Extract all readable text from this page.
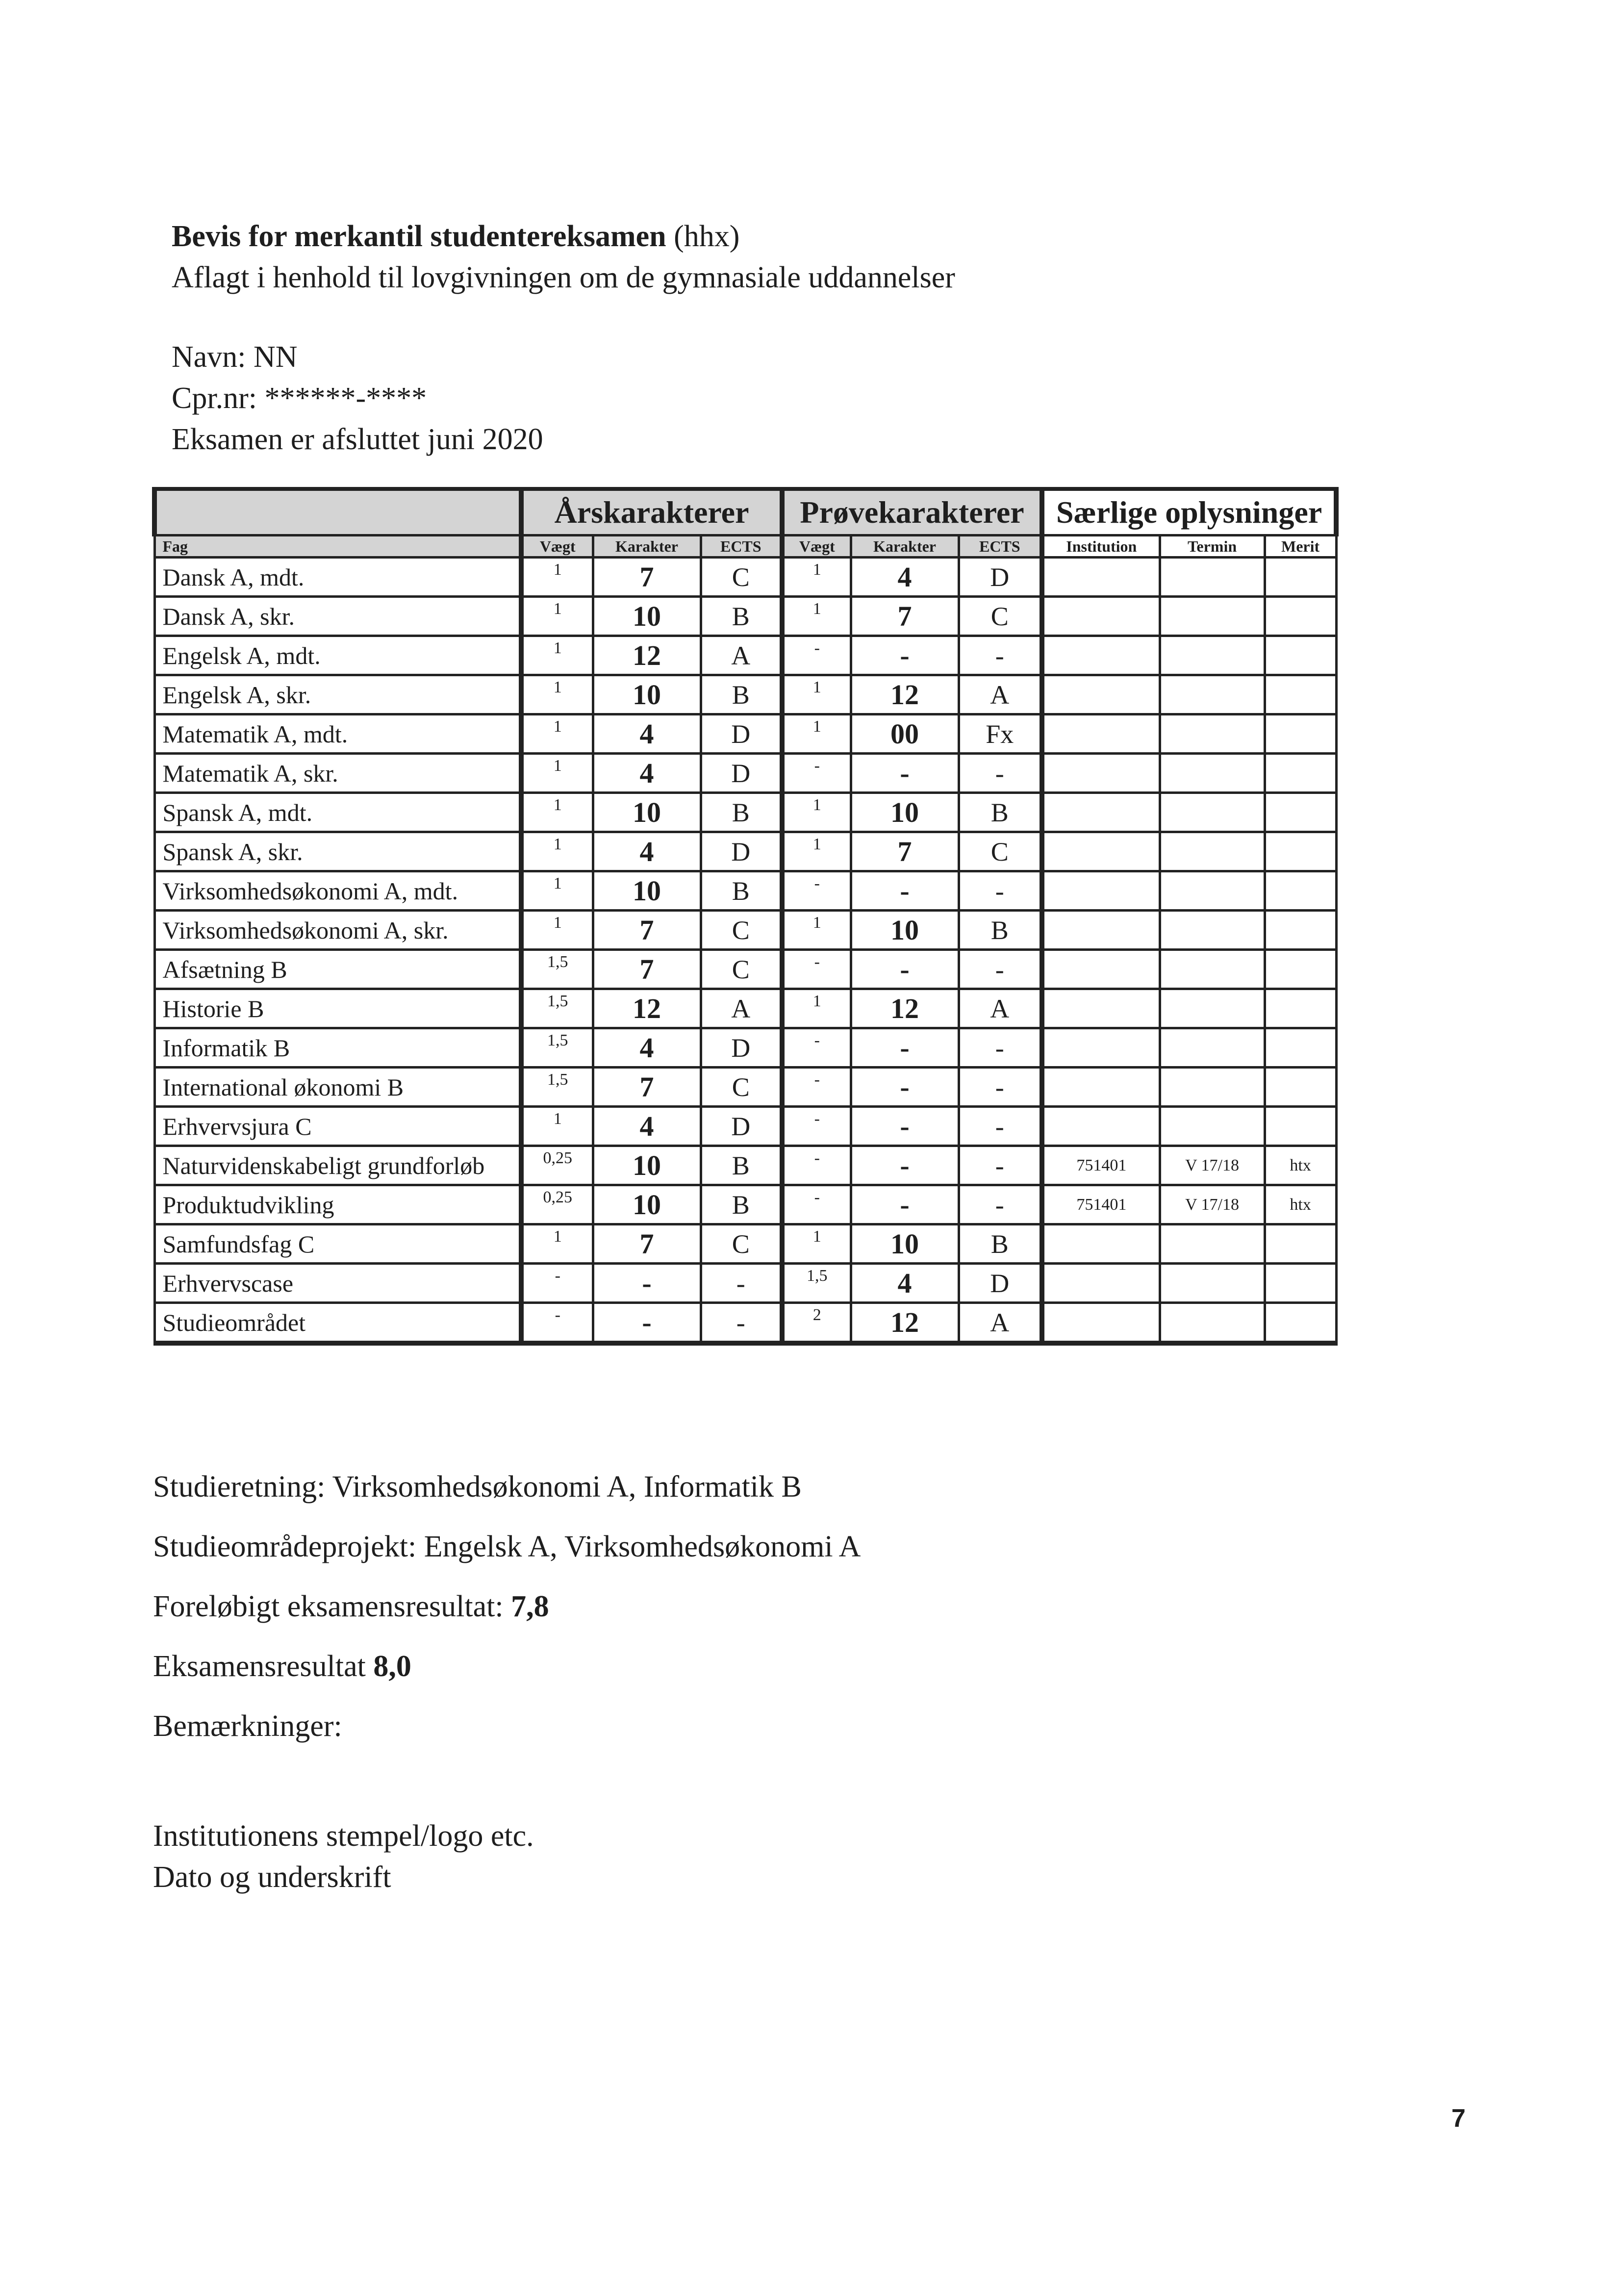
Bevis for merkantil studentereksamen (hhx)
Aflagt i henhold til lovgivningen om de gymnasiale uddannelser
Navn: NN
Cpr.nr: ******-****
Eksamen er afsluttet juni 2020
	Årskarakterer			Prøvekarakterer			Særlige oplysninger		
Fag	Vægt	Karakter	ECTS	Vægt	Karakter	ECTS	Institution	Termin	Merit
Dansk A, mdt.	1	7	C	1	4	D			
Dansk A, skr.	1	10	B	1	7	C			
Engelsk A, mdt.	1	12	A	-	-	-			
Engelsk A, skr.	1	10	B	1	12	A			
Matematik A, mdt.	1	4	D	1	00	Fx			
Matematik A, skr.	1	4	D	-	-	-			
Spansk A, mdt.	1	10	B	1	10	B			
Spansk A, skr.	1	4	D	1	7	C			
Virksomhedsøkonomi A, mdt.	1	10	B	-	-	-			
Virksomhedsøkonomi A, skr.	1	7	C	1	10	B			
Afsætning B	1,5	7	C	-	-	-			
Historie B	1,5	12	A	1	12	A			
Informatik B	1,5	4	D	-	-	-			
International økonomi B	1,5	7	C	-	-	-			
Erhvervsjura C	1	4	D	-	-	-			
Naturvidenskabeligt grundforløb	0,25	10	B	-	-	-	751401	V 17/18	htx
Produktudvikling	0,25	10	B	-	-	-	751401	V 17/18	htx
Samfundsfag C	1	7	C	1	10	B			
Erhvervscase	-	-	-	1,5	4	D			
Studieområdet	-	-	-	2	12	A			
Studieretning: Virksomhedsøkonomi A, Informatik B
Studieområdeprojekt: Engelsk A, Virksomhedsøkonomi A
Foreløbigt eksamensresultat: 7,8
Eksamensresultat 8,0
Bemærkninger:
Institutionens stempel/logo etc.
Dato og underskrift
7
